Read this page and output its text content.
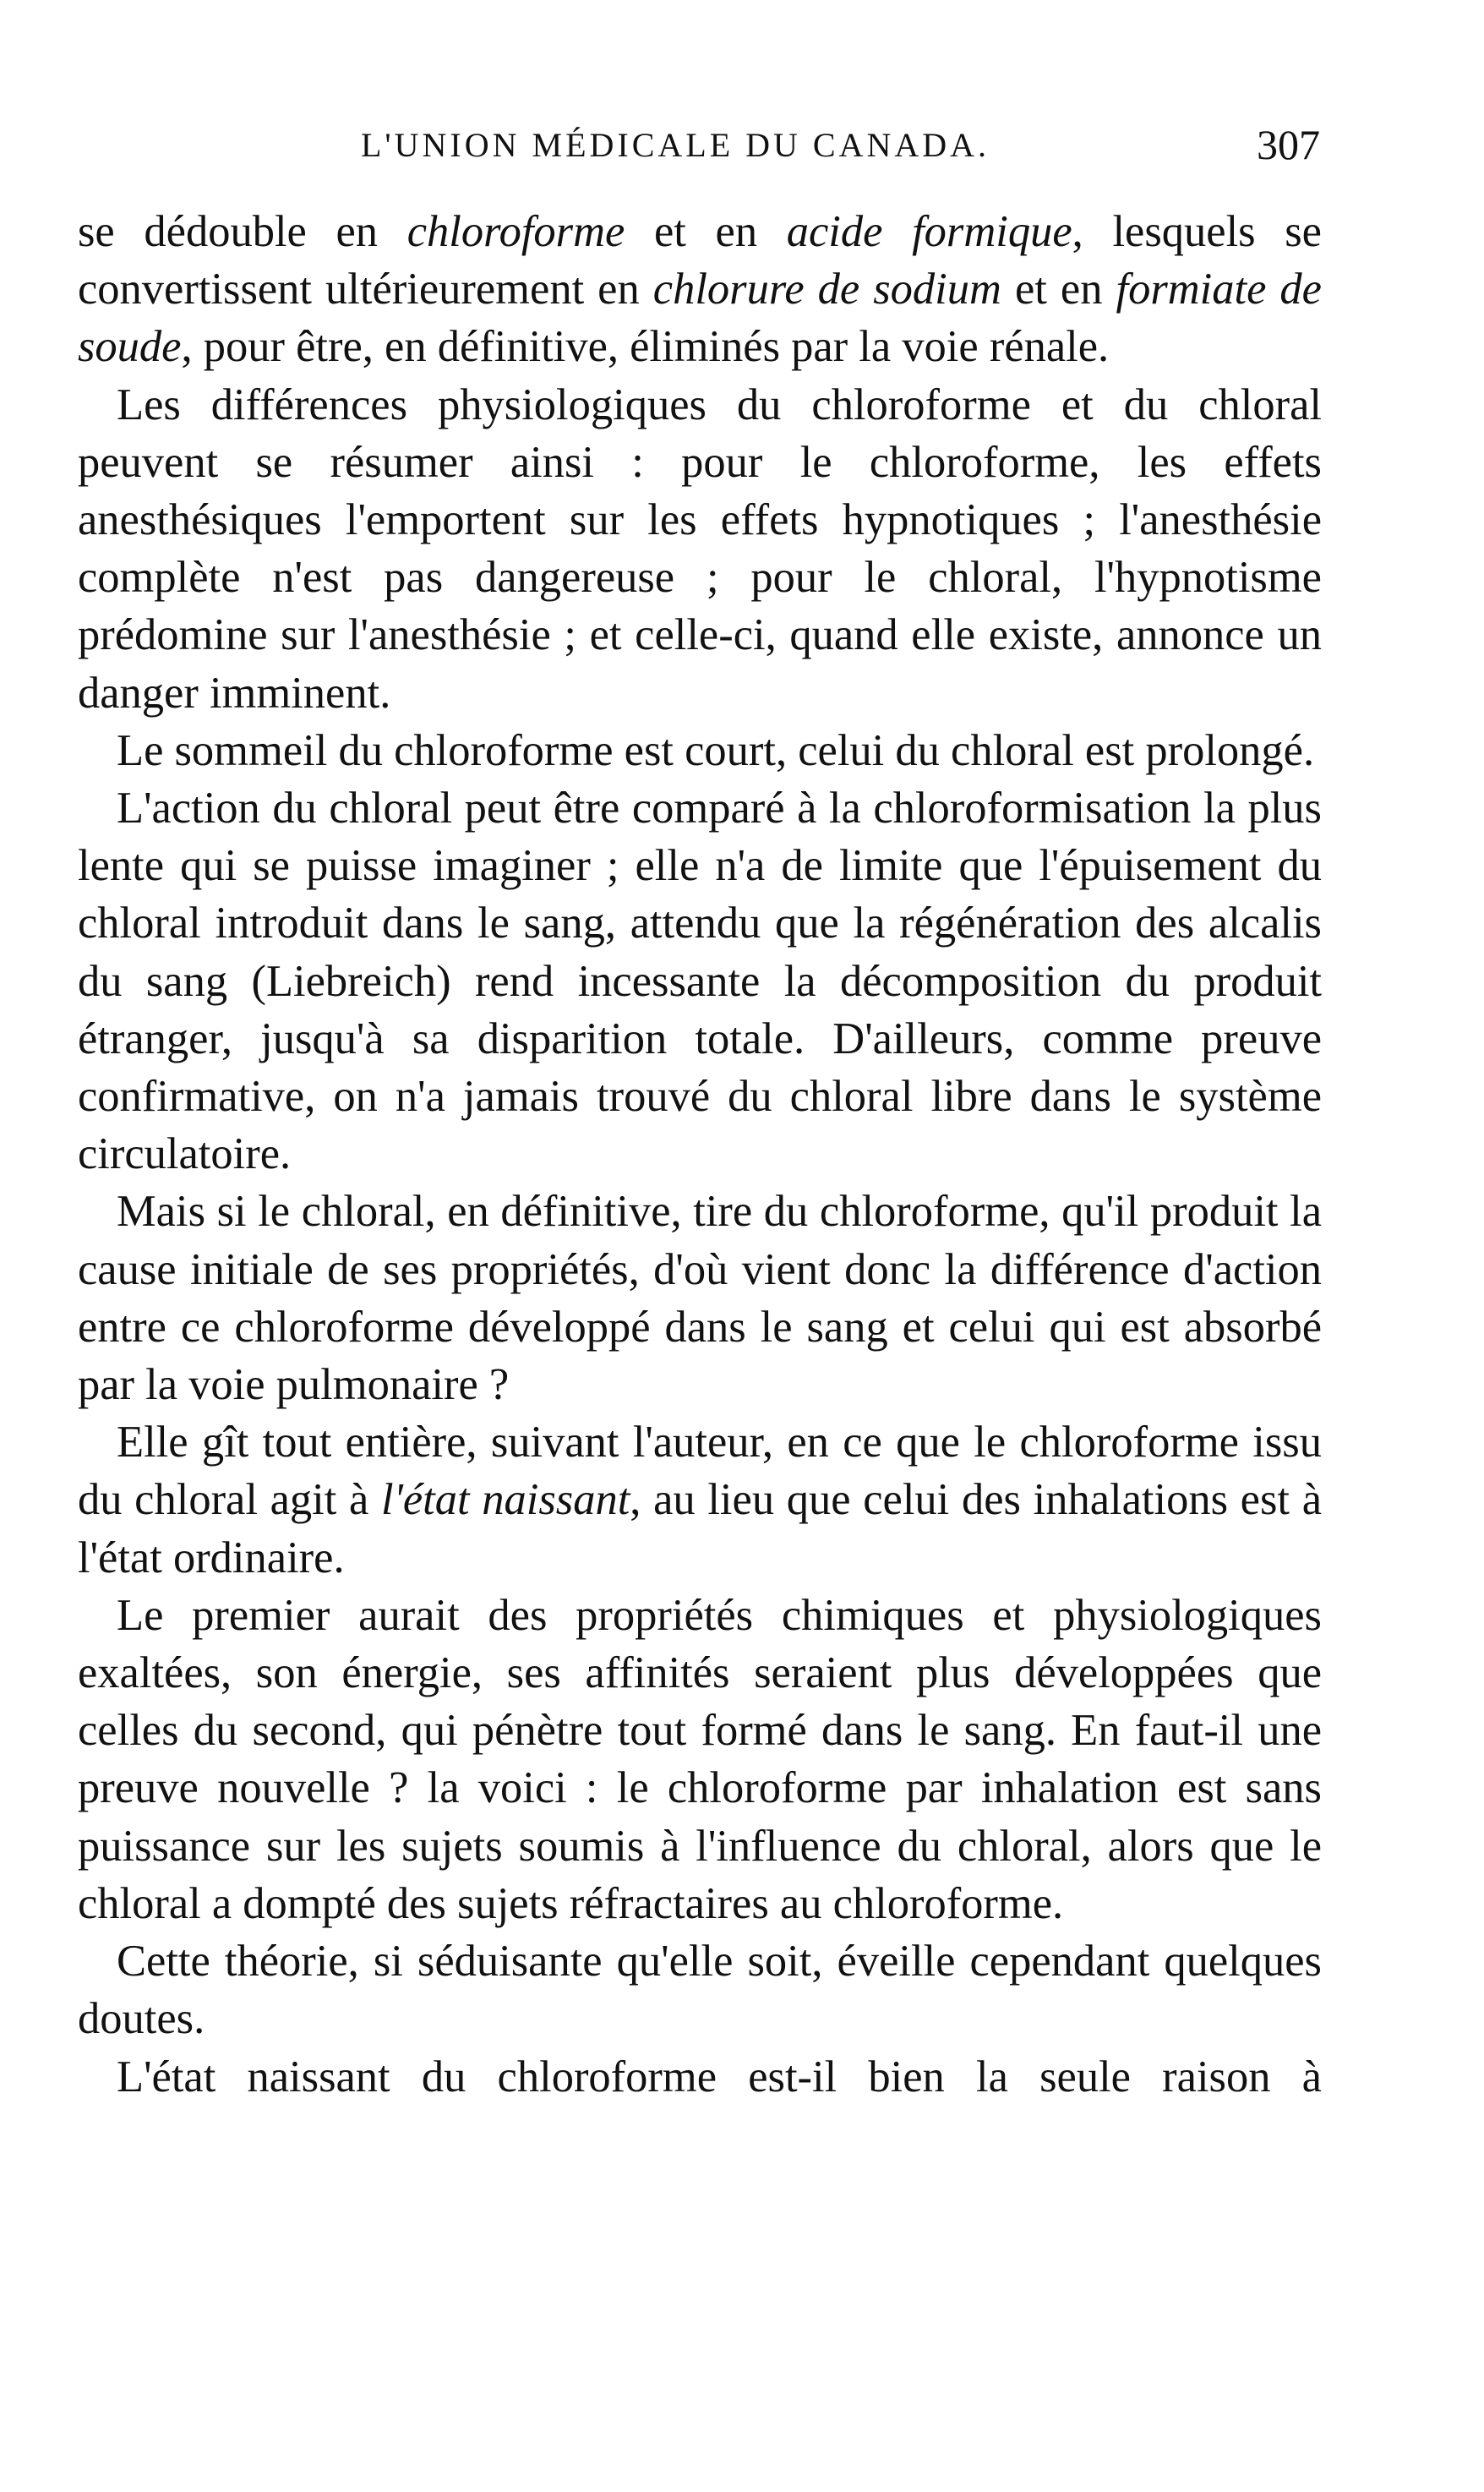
L'UNION MÉDICALE DU CANADA.	307

se dédouble en chloroforme et en acide formique, lesquels se convertissent ultérieurement en chlorure de sodium et en formiate de soude, pour être, en définitive, éliminés par la voie rénale.

Les différences physiologiques du chloroforme et du chloral peuvent se résumer ainsi : pour le chloroforme, les effets anesthésiques l'emportent sur les effets hypnotiques ; l'anesthésie complète n'est pas dangereuse ; pour le chloral, l'hypnotisme prédomine sur l'anesthésie ; et celle-ci, quand elle existe, annonce un danger imminent.

Le sommeil du chloroforme est court, celui du chloral est prolongé.

L'action du chloral peut être comparé à la chloroformisation la plus lente qui se puisse imaginer ; elle n'a de limite que l'épuisement du chloral introduit dans le sang, attendu que la régénération des alcalis du sang (Liebreich) rend incessante la décomposition du produit étranger, jusqu'à sa disparition totale. D'ailleurs, comme preuve confirmative, on n'a jamais trouvé du chloral libre dans le système circulatoire.

Mais si le chloral, en définitive, tire du chloroforme, qu'il produit la cause initiale de ses propriétés, d'où vient donc la différence d'action entre ce chloroforme développé dans le sang et celui qui est absorbé par la voie pulmonaire ?

Elle gît tout entière, suivant l'auteur, en ce que le chloroforme issu du chloral agit à l'état naissant, au lieu que celui des inhalations est à l'état ordinaire.

Le premier aurait des propriétés chimiques et physiologiques exaltées, son énergie, ses affinités seraient plus développées que celles du second, qui pénètre tout formé dans le sang. En faut-il une preuve nouvelle ? la voici : le chloroforme par inhalation est sans puissance sur les sujets soumis à l'influence du chloral, alors que le chloral a dompté des sujets réfractaires au chloroforme.

Cette théorie, si séduisante qu'elle soit, éveille cependant quelques doutes.

L'état naissant du chloroforme est-il bien la seule raison à
